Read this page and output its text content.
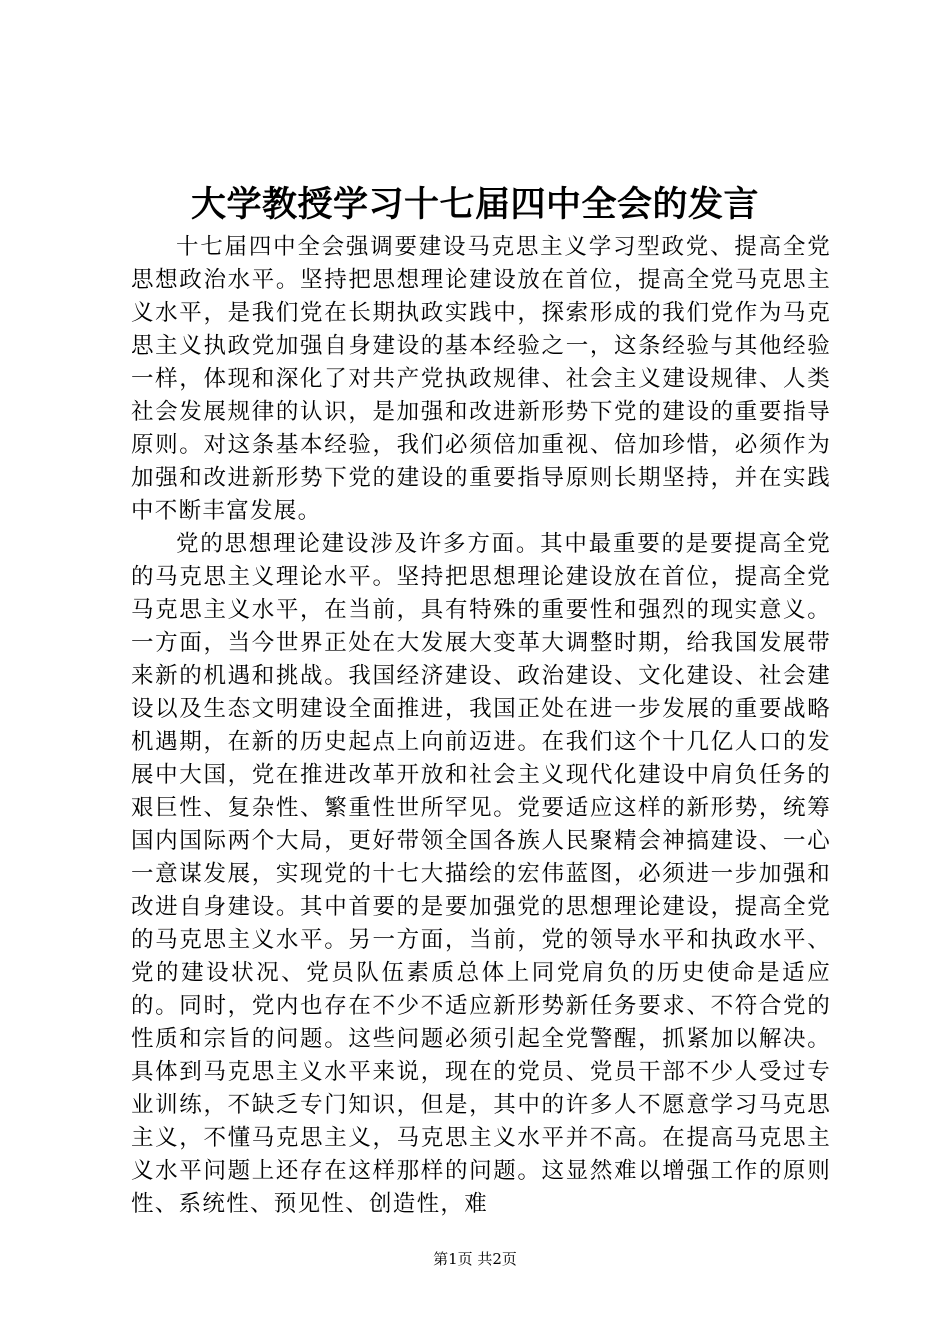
大学教授学习十七届四中全会的发言

十七届四中全会强调要建设马克思主义学习型政党、提高全党思想政治水平。坚持把思想理论建设放在首位，提高全党马克思主义水平，是我们党在长期执政实践中，探索形成的我们党作为马克思主义执政党加强自身建设的基本经验之一，这条经验与其他经验一样，体现和深化了对共产党执政规律、社会主义建设规律、人类社会发展规律的认识，是加强和改进新形势下党的建设的重要指导原则。对这条基本经验，我们必须倍加重视、倍加珍惜，必须作为加强和改进新形势下党的建设的重要指导原则长期坚持，并在实践中不断丰富发展。

党的思想理论建设涉及许多方面。其中最重要的是要提高全党的马克思主义理论水平。坚持把思想理论建设放在首位，提高全党马克思主义水平，在当前，具有特殊的重要性和强烈的现实意义。一方面，当今世界正处在大发展大变革大调整时期，给我国发展带来新的机遇和挑战。我国经济建设、政治建设、文化建设、社会建设以及生态文明建设全面推进，我国正处在进一步发展的重要战略机遇期，在新的历史起点上向前迈进。在我们这个十几亿人口的发展中大国，党在推进改革开放和社会主义现代化建设中肩负任务的艰巨性、复杂性、繁重性世所罕见。党要适应这样的新形势，统筹国内国际两个大局，更好带领全国各族人民聚精会神搞建设、一心一意谋发展，实现党的十七大描绘的宏伟蓝图，必须进一步加强和改进自身建设。其中首要的是要加强党的思想理论建设，提高全党的马克思主义水平。另一方面，当前，党的领导水平和执政水平、党的建设状况、党员队伍素质总体上同党肩负的历史使命是适应的。同时，党内也存在不少不适应新形势新任务要求、不符合党的性质和宗旨的问题。这些问题必须引起全党警醒，抓紧加以解决。具体到马克思主义水平来说，现在的党员、党员干部不少人受过专业训练，不缺乏专门知识，但是，其中的许多人不愿意学习马克思主义，不懂马克思主义，马克思主义水平并不高。在提高马克思主义水平问题上还存在这样那样的问题。这显然难以增强工作的原则性、系统性、预见性、创造性，难

第1页 共2页
